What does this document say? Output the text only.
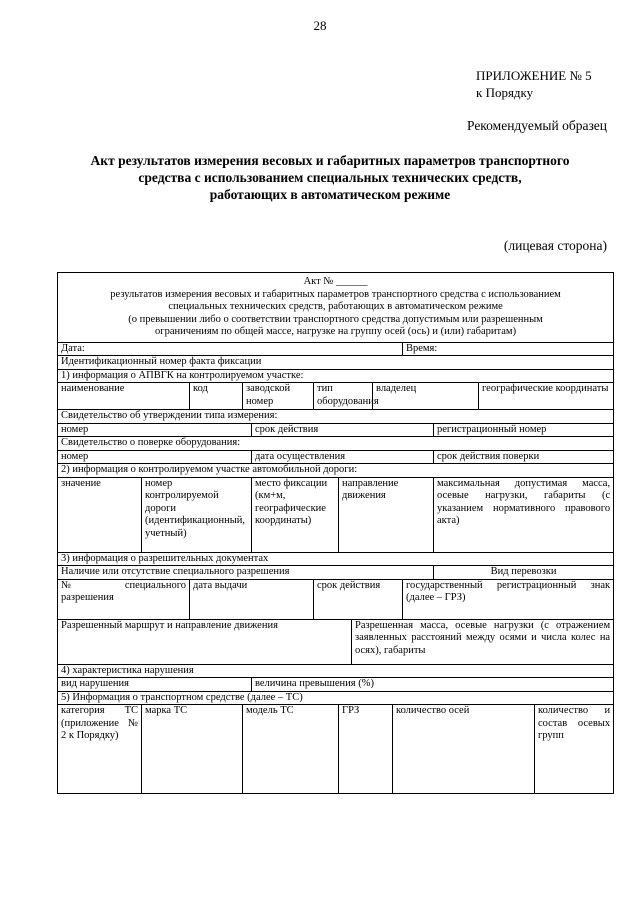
28
ПРИЛОЖЕНИЕ № 5
к Порядку
Рекомендуемый образец
Акт результатов измерения весовых и габаритных параметров транспортного
средства с использованием специальных технических средств,
работающих в автоматическом режиме
(лицевая сторона)
Акт № ______
результатов измерения весовых и габаритных параметров транспортного средства с использованием
специальных технических средств, работающих в автоматическом режиме
(о превышении либо о соответствии транспортного средства допустимым или разрешенным
ограничениям по общей массе, нагрузке на группу осей (ось) и (или) габаритам)													

Дата:										Время:			
Идентификационный номер факта фиксации													
1) информация о АПВГК на контролируемом участке:													
наименование		код	заводской номер		тип оборудования			владелец				географические координаты	
Свидетельство об утверждении типа измерения:													
номер				срок действия							регистрационный номер		
Свидетельство о поверке оборудования:													
номер				дата осуществления							срок действия поверки		
2) информация о контролируемом участке автомобильной дороги:													
значение	номер контролируемой дороги (идентификационный, учетный)			место фиксации (км+м, географические координаты)		направление движения					максимальная допустимая масса, осевые нагрузки, габариты (с указанием нормативного правового акта)		
3) информация о разрешительных документах													
Наличие или отсутствие специального разрешения											Вид перевозки		
№ специального разрешения		дата выдачи			срок действия					государственный регистрационный знак (далее – ГРЗ)			
Разрешенный маршрут и направление движения							Разрешенная масса, осевые нагрузки (с отражением заявленных расстояний между осями и числа колес на осях), габариты						
4) характеристика нарушения													
вид нарушения				величина превышения (%)									
5) Информация о транспортном средстве (далее – ТС)													
категория ТС (приложение № 2 к Порядку)	марка ТС		модель ТС			ГРЗ			количество осей				количество и состав осевых групп
